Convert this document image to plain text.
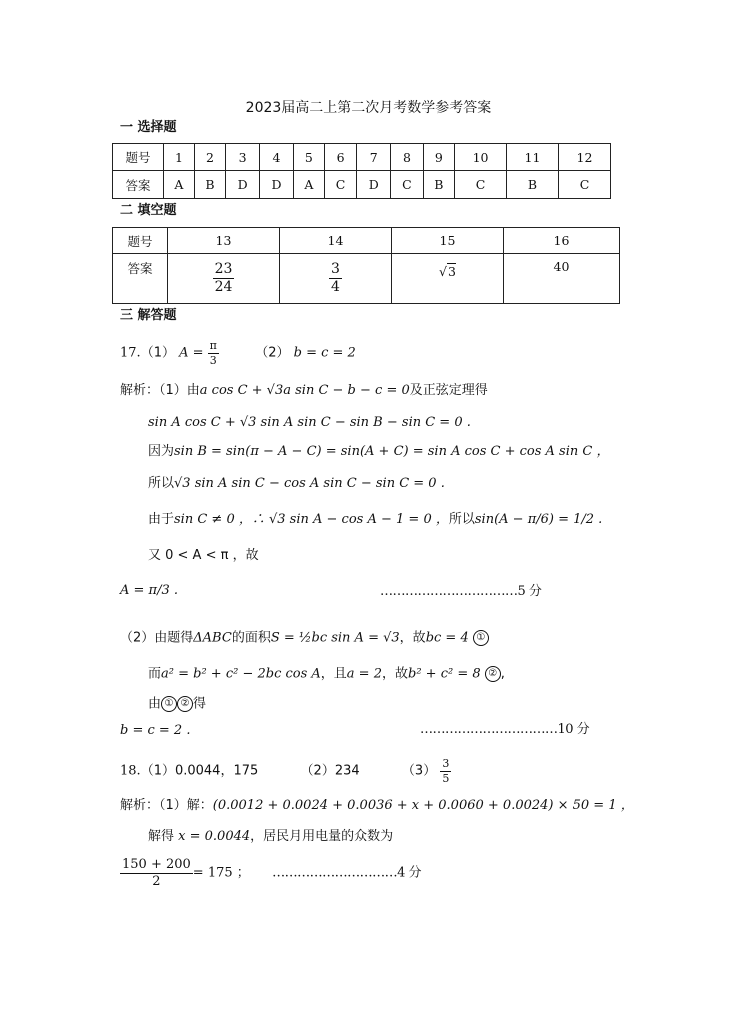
2023届高二上第二次月考数学参考答案
一 选择题
题号	1	2	3	4	5	6	7	8	9	10	11	12
答案	A	B	D	D	A	C	D	C	B	C	B	C
二 填空题
题号	13	14	15	16
答案	$\frac{23}{24}$	$\frac{3}{4}$	√3	40
三 解答题
17.（1） $A = \frac{\pi}{3}$	（2） b = c = 2
解析：（1）由a cos C + √3a sin C − b − c = 0及正弦定理得
sin A cos C + √3 sin A sin C − sin B − sin C = 0 .
因为sin B = sin(π − A − C) = sin(A + C) = sin A cos C + cos A sin C ，
所以√3 sin A sin C − cos A sin C − sin C = 0 .
由于sin C ≠ 0 ，∴ √3 sin A − cos A − 1 = 0 ，所以sin(A − π/6) = 1/2 .
又 0 < A < π ，故
A = π/3 .	……………………………5 分
（2）由题得ΔABC的面积S = ½bc sin A = √3，故bc = 4 ①
而a² = b² + c² − 2bc cos A，且a = 2，故b² + c² = 8 ② ,
由 ① ② 得
b = c = 2 .	……………………………10 分
18.（1）0.0044，175	（2）234	$(3) \frac{3}{5}$
解析：（1）解：(0.0012 + 0.0024 + 0.0036 + x + 0.0060 + 0.0024) × 50 = 1 ，
解得 x = 0.0044，居民月用电量的众数为
$\frac{150 + 200}{2} = 175$ ； …………………………4 分
